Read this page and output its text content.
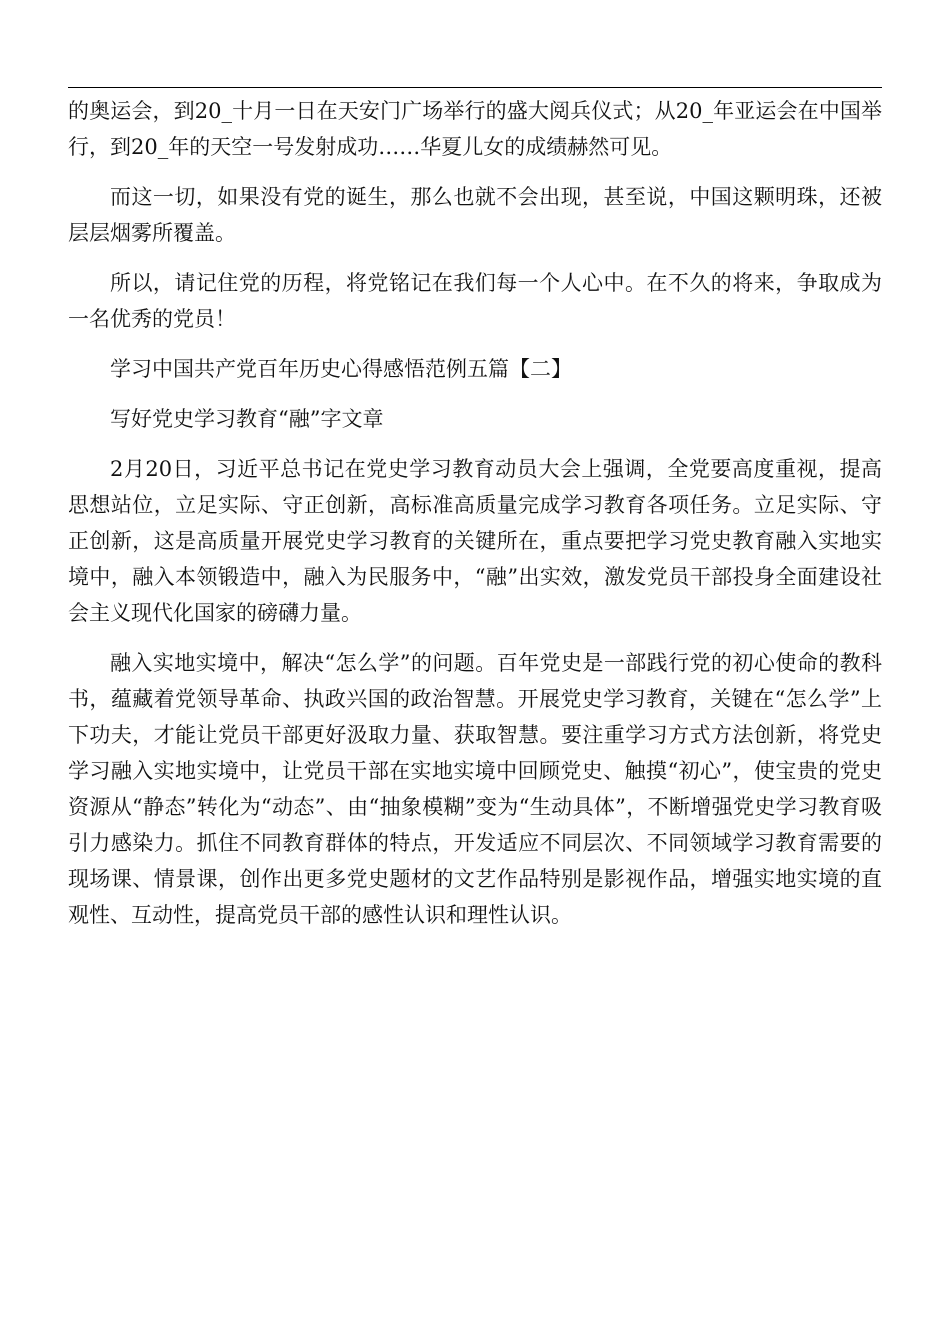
的奥运会，到20_十月一日在天安门广场举行的盛大阅兵仪式；从20_年亚运会在中国举行，到20_年的天空一号发射成功……华夏儿女的成绩赫然可见。

而这一切，如果没有党的诞生，那么也就不会出现，甚至说，中国这颗明珠，还被层层烟雾所覆盖。

所以，请记住党的历程，将党铭记在我们每一个人心中。在不久的将来，争取成为一名优秀的党员！

学习中国共产党百年历史心得感悟范例五篇【二】

写好党史学习教育“融”字文章

2月20日，习近平总书记在党史学习教育动员大会上强调，全党要高度重视，提高思想站位，立足实际、守正创新，高标准高质量完成学习教育各项任务。立足实际、守正创新，这是高质量开展党史学习教育的关键所在，重点要把学习党史教育融入实地实境中，融入本领锻造中，融入为民服务中，“融”出实效，激发党员干部投身全面建设社会主义现代化国家的磅礴力量。

融入实地实境中，解决“怎么学”的问题。百年党史是一部践行党的初心使命的教科书，蕴藏着党领导革命、执政兴国的政治智慧。开展党史学习教育，关键在“怎么学”上下功夫，才能让党员干部更好汲取力量、获取智慧。要注重学习方式方法创新，将党史学习融入实地实境中，让党员干部在实地实境中回顾党史、触摸“初心”，使宝贵的党史资源从“静态”转化为“动态”、由“抽象模糊”变为“生动具体”，不断增强党史学习教育吸引力感染力。抓住不同教育群体的特点，开发适应不同层次、不同领域学习教育需要的现场课、情景课，创作出更多党史题材的文艺作品特别是影视作品，增强实地实境的直观性、互动性，提高党员干部的感性认识和理性认识。
